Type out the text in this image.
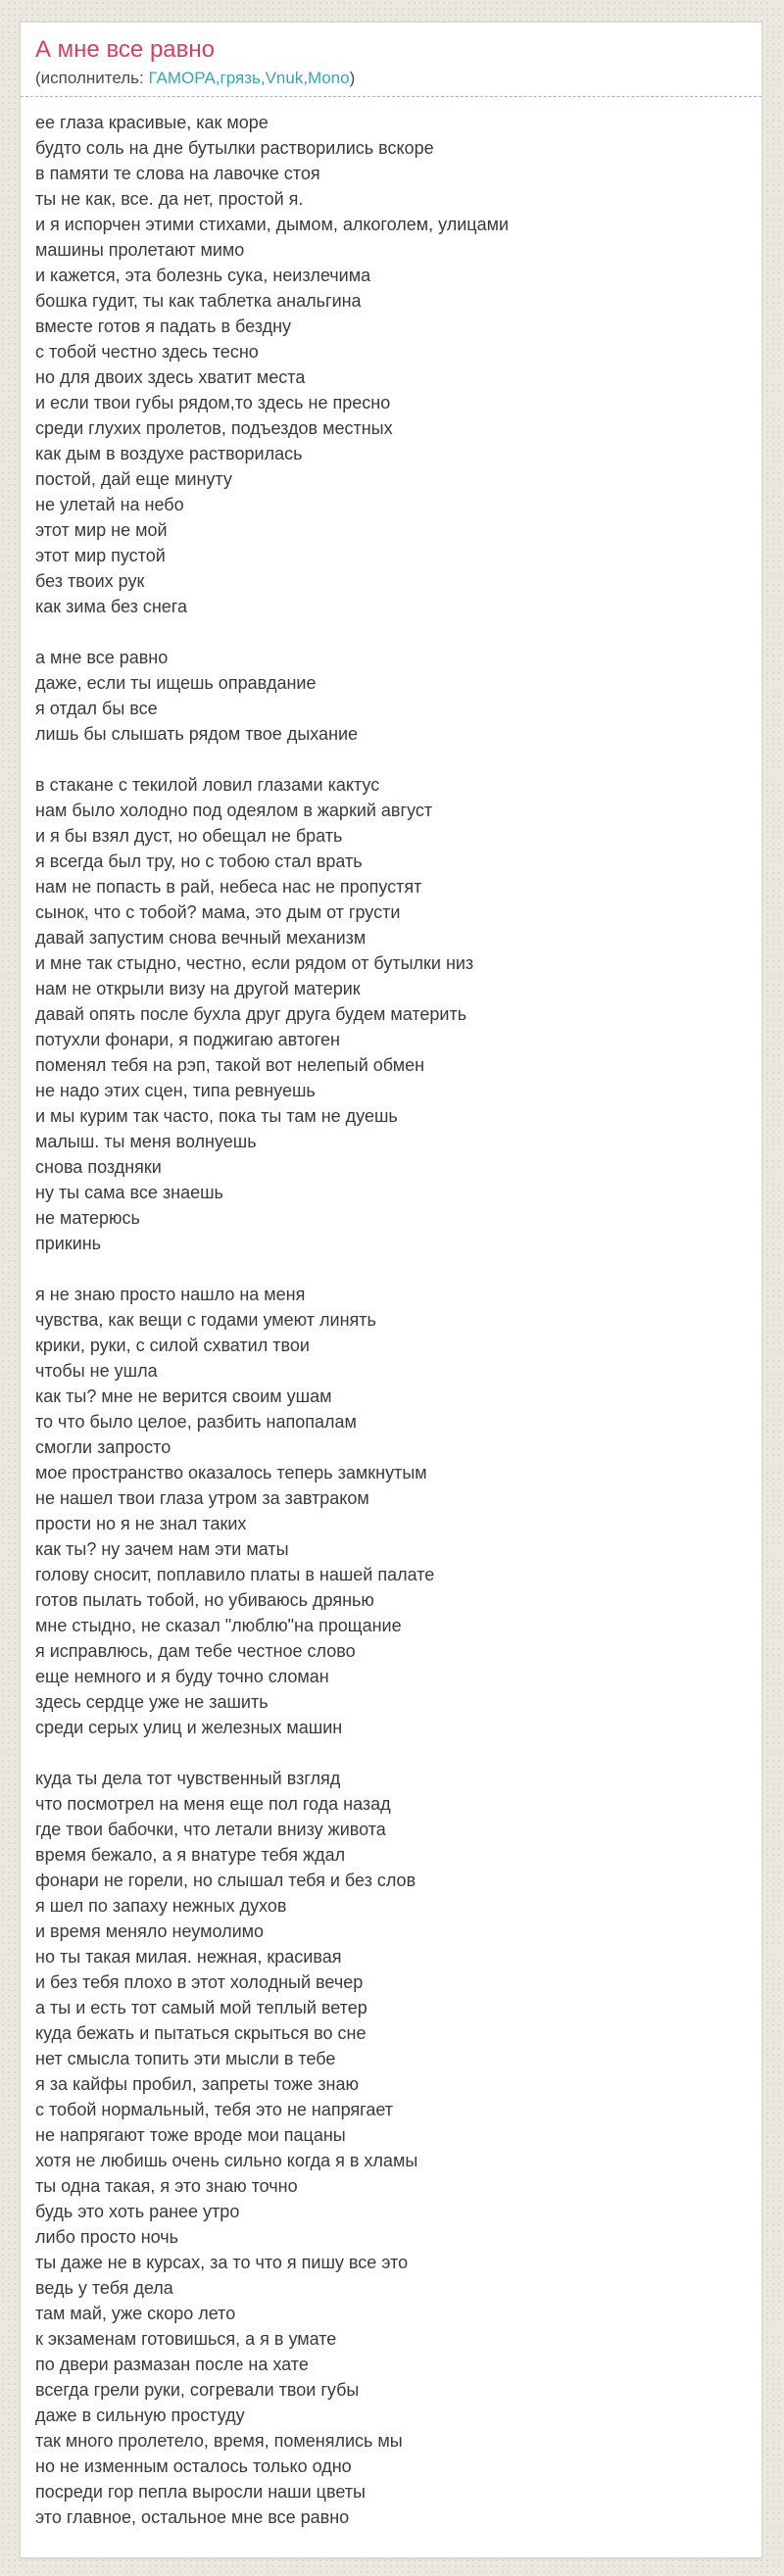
А мне все равно
(исполнитель: ГАМОРА,грязь,Vnuk,Mono)
ее глаза красивые, как море
будто соль на дне бутылки растворились вскоре
в памяти те слова на лавочке стоя
ты не как, все. да нет, простой я.
и я испорчен этими стихами, дымом, алкоголем, улицами
машины пролетают мимо
и кажется, эта болезнь сука, неизлечима
бошка гудит, ты как таблетка анальгина
вместе готов я падать в бездну
с тобой честно здесь тесно
но для двоих здесь хватит места
и если твои губы рядом,то здесь не пресно
среди глухих пролетов, подъездов местных
как дым в воздухе растворилась
постой, дай еще минуту
не улетай на небо
этот мир не мой
этот мир пустой
без твоих рук
как зима без снега
а мне все равно
даже, если ты ищешь оправдание
я отдал бы все
лишь бы слышать рядом твое дыхание
в стакане с текилой ловил глазами кактус
нам было холодно под одеялом в жаркий август
и я бы взял дуст, но обещал не брать
я всегда был тру, но с тобою стал врать
нам не попасть в рай, небеса нас не пропустят
сынок, что с тобой? мама, это дым от грусти
давай запустим снова вечный механизм
и мне так стыдно, честно, если рядом от бутылки низ
нам не открыли визу на другой материк
давай опять после бухла друг друга будем материть
потухли фонари, я поджигаю автоген
поменял тебя на рэп, такой вот нелепый обмен
не надо этих сцен, типа ревнуешь
и мы курим так часто, пока ты там не дуешь
малыш. ты меня волнуешь
снова поздняки
ну ты сама все знаешь
не матерюсь
прикинь
я не знаю просто нашло на меня
чувства, как вещи с годами умеют линять
крики, руки, с силой схватил твои
чтобы не ушла
как ты? мне не верится своим ушам
то что было целое, разбить напопалам
смогли запросто
мое пространство оказалось теперь замкнутым
не нашел твои глаза утром за завтраком
прости но я не знал таких
как ты? ну зачем нам эти маты
голову сносит, поплавило платы в нашей палате
готов пылать тобой, но убиваюсь дрянью
мне стыдно, не сказал "люблю"на прощание
я исправлюсь, дам тебе честное слово
еще немного и я буду точно сломан
здесь сердце уже не зашить
среди серых улиц и железных машин
куда ты дела тот чувственный взгляд
что посмотрел на меня еще пол года назад
где твои бабочки, что летали внизу живота
время бежало, а я внатуре тебя ждал
фонари не горели, но слышал тебя и без слов
я шел по запаху нежных духов
и время меняло неумолимо
но ты такая милая. нежная, красивая
и без тебя плохо в этот холодный вечер
а ты и есть тот самый мой теплый ветер
куда бежать и пытаться скрыться во сне
нет смысла топить эти мысли в тебе
я за кайфы пробил, запреты тоже знаю
с тобой нормальный, тебя это не напрягает
не напрягают тоже вроде мои пацаны
хотя не любишь очень сильно когда я в хламы
ты одна такая, я это знаю точно
будь это хоть ранее утро
либо просто ночь
ты даже не в курсах, за то что я пишу все это
ведь у тебя дела
там май, уже скоро лето
к экзаменам готовишься, а я в умате
по двери размазан после на хате
всегда грели руки, согревали твои губы
даже в сильную простуду
так много пролетело, время, поменялись мы
но не изменным осталось только одно
посреди гор пепла выросли наши цветы
это главное, остальное мне все равно
